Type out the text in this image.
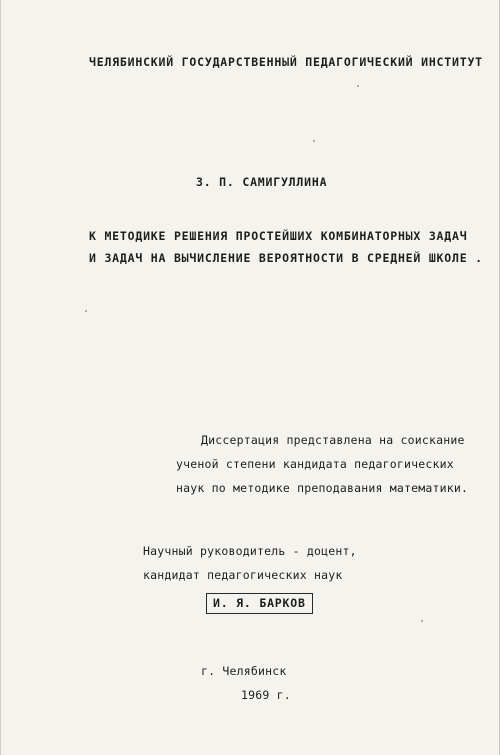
ЧЕЛЯБИНСКИЙ ГОСУДАРСТВЕННЫЙ ПЕДАГОГИЧЕСКИЙ ИНСТИТУТ
З. П. САМИГУЛЛИНА
К МЕТОДИКЕ РЕШЕНИЯ ПРОСТЕЙШИХ КОМБИНАТОРНЫХ ЗАДАЧ
И ЗАДАЧ НА ВЫЧИСЛЕНИЕ ВЕРОЯТНОСТИ В СРЕДНЕЙ ШКОЛЕ .
Диссертация представлена на соискание
ученой степени кандидата педагогических
наук по методике преподавания математики.
Научный руководитель - доцент,
кандидат педагогических наук
И. Я. БАРКОВ
г. Челябинск
1969 г.
